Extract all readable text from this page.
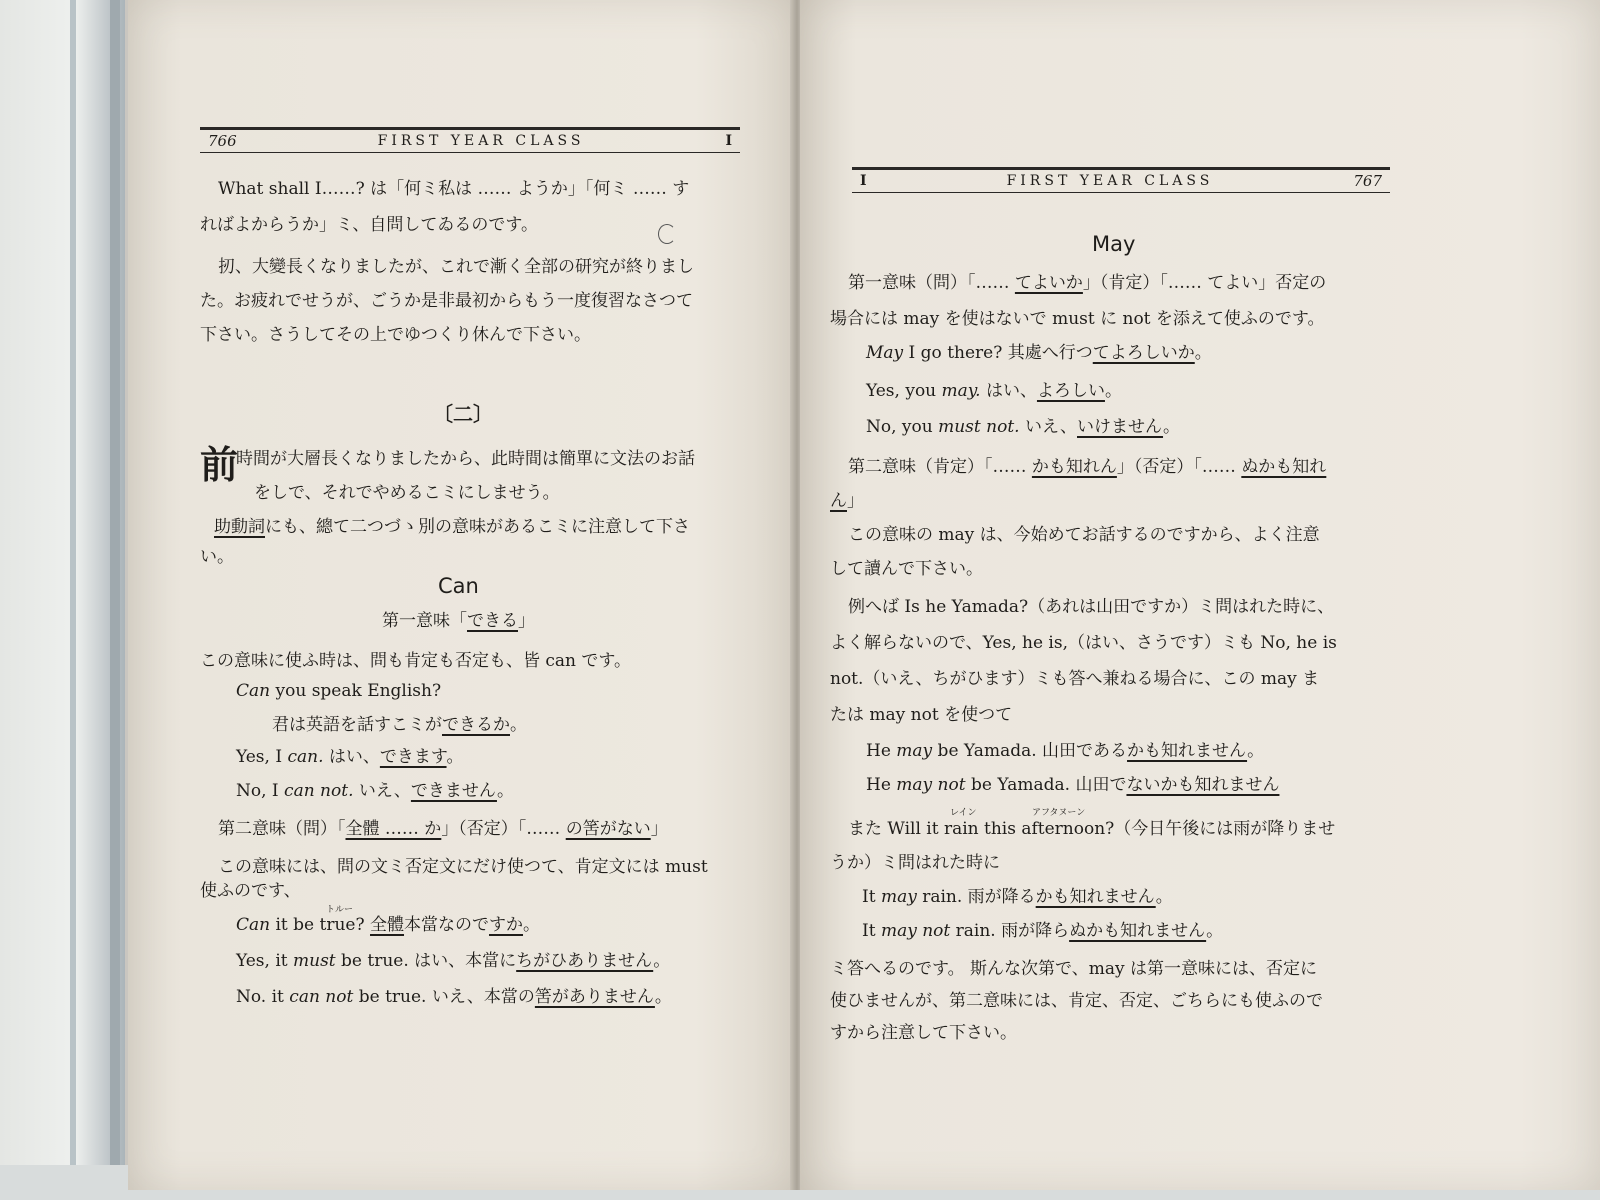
766	FIRST YEAR CLASS	I
What shall I……? は「何ミ私は …… ようか」「何ミ …… す
ればよからうか」ミ、自問してゐるのです。
扨、大變長くなりましたが、これで漸く全部の研究が終りまし
た。お疲れでせうが、ごうか是非最初からもう一度復習なさつて
下さい。さうしてその上でゆつくり休んで下さい。
〔二〕
前
時間が大層長くなりましたから、此時間は簡單に文法のお話
をしで、それでやめるこミにしませう。
助動詞にも、總て二つづゝ別の意味があるこミに注意して下さ
い。
Can
第一意味「できる」
この意味に使ふ時は、問も肯定も否定も、皆 can です。
Can you speak English?
君は英語を話すこミができるか。
Yes, I can. はい、できます。
No, I can not. いえ、できません。
第二意味（問）「全體 …… か」（否定）「…… の筈がない」
この意味には、問の文ミ否定文にだけ使つて、肯定文には must
使ふのです、
トルー
Can it be true? 全體本當なのですか。
Yes, it must be true. はい、本當にちがひありません。
No. it can not be true. いえ、本當の筈がありません。
I	FIRST YEAR CLASS	767
May
第一意味（問）「…… てよいか」（肯定）「…… てよい」否定の
場合には may を使はないで must に not を添えて使ふのです。
May I go there? 其處へ行つてよろしいか。
Yes, you may. はい、よろしい。
No, you must not. いえ、いけません。
第二意味（肯定）「…… かも知れん」（否定）「…… ぬかも知れ
ん」
この意味の may は、今始めてお話するのですから、よく注意
して讀んで下さい。
例へば Is he Yamada?（あれは山田ですか）ミ問はれた時に、
よく解らないので、Yes, he is,（はい、さうです）ミも No, he is
not.（いえ、ちがひます）ミも答へ兼ねる場合に、この may ま
たは may not を使つて
He may be Yamada. 山田であるかも知れません。
He may not be Yamada. 山田でないかも知れません
レイン	アフタヌーン
また Will it rain this afternoon?（今日午後には雨が降りませ
うか）ミ問はれた時に
It may rain. 雨が降るかも知れません。
It may not rain. 雨が降らぬかも知れません。
ミ答へるのです。 斯んな次第で、may は第一意味には、否定に
使ひませんが、第二意味には、肯定、否定、ごちらにも使ふので
すから注意して下さい。
